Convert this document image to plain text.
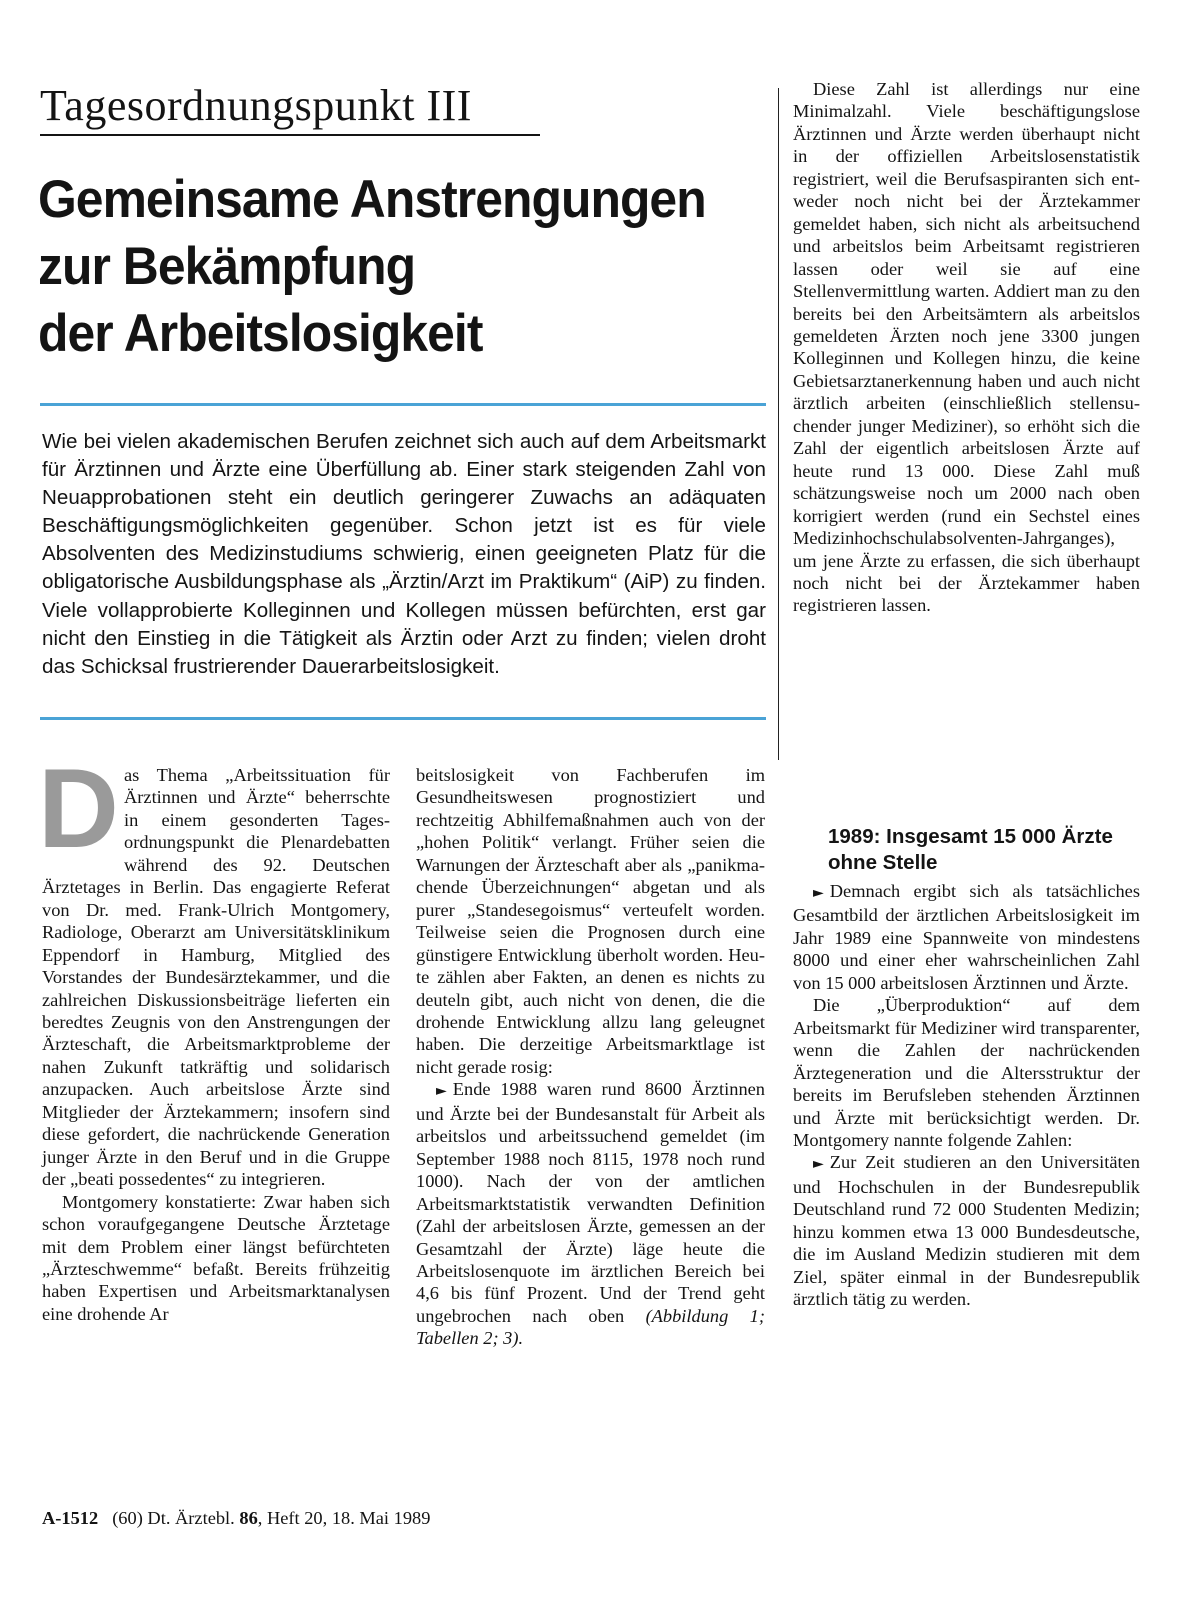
Tagesordnungspunkt III
Gemeinsame Anstrengungen
zur Bekämpfung
der Arbeitslosigkeit
Wie bei vielen akademischen Berufen zeichnet sich auch auf dem Arbeitsmarkt für Ärztinnen und Ärzte eine Überfüllung ab. Einer stark steigenden Zahl von Neuapprobationen steht ein deutlich geringerer Zuwachs an adäquaten Beschäftigungsmöglichkeiten gegenüber. Schon jetzt ist es für viele Absolventen des Medizinstudiums schwierig, einen geeigneten Platz für die obligatorische Ausbildungsphase als „Ärztin/Arzt im Praktikum“ (AiP) zu finden. Viele vollapprobierte Kolleginnen und Kollegen müssen befürchten, erst gar nicht den Einstieg in die Tätigkeit als Ärztin oder Arzt zu finden; vielen droht das Schicksal frustrierender Dauerarbeitslosigkeit.

Das Thema „Arbeitssituation für Ärztinnen und Ärzte“ beherrschte in einem gesonderten Tagesordnungspunkt die Plenardebatten während des 92. Deutschen Ärztetages in Berlin. Das engagierte Referat von Dr. med. Frank-Ulrich Montgomery, Radiologe, Oberarzt am Universitätsklinikum Eppendorf in Hamburg, Mitglied des Vorstandes der Bundesärztekammer, und die zahlreichen Diskussionsbeiträge lieferten ein beredtes Zeugnis von den Anstrengungen der Ärzteschaft, die Arbeitsmarktprobleme der nahen Zukunft tatkräftig und solidarisch anzupacken. Auch arbeitslose Ärzte sind Mitglieder der Ärztekammern; insofern sind diese gefordert, die nachrückende Generation junger Ärzte in den Beruf und in die Gruppe der „beati possedentes“ zu integrieren.

Montgomery konstatierte: Zwar haben sich schon voraufgegangene Deutsche Ärztetage mit dem Problem einer längst befürchteten „Ärzteschwemme“ befaßt. Bereits frühzeitig haben Expertisen und Arbeitsmarktanalysen eine drohende Ar

beitslosigkeit von Fachberufen im Gesundheitswesen prognostiziert und rechtzeitig Abhilfemaßnahmen auch von der „hohen Politik“ verlangt. Früher seien die Warnungen der Ärzteschaft aber als „panikmachende Überzeichnungen“ abgetan und als purer „Standesegoismus“ verteufelt worden. Teilweise seien die Prognosen durch eine günstigere Entwicklung überholt worden. Heute zählen aber Fakten, an denen es nichts zu deuteln gibt, auch nicht von denen, die die drohende Entwicklung allzu lang geleugnet haben. Die derzeitige Arbeitsmarktlage ist nicht gerade rosig:

► Ende 1988 waren rund 8600 Ärztinnen und Ärzte bei der Bundesanstalt für Arbeit als arbeitslos und arbeitssuchend gemeldet (im September 1988 noch 8115, 1978 noch rund 1000). Nach der von der amtlichen Arbeitsmarktstatistik verwandten Definition (Zahl der arbeitslosen Ärzte, gemessen an der Gesamtzahl der Ärzte) läge heute die Arbeitslosenquote im ärztlichen Bereich bei 4,6 bis fünf Prozent. Und der Trend geht ungebrochen nach oben (Abbildung 1; Tabellen 2; 3).

Diese Zahl ist allerdings nur eine Minimalzahl. Viele beschäftigungslose Ärztinnen und Ärzte werden überhaupt nicht in der offiziellen Arbeitslosenstatistik registriert, weil die Berufsaspiranten sich entweder noch nicht bei der Ärztekammer gemeldet haben, sich nicht als arbeitsuchend und arbeitslos beim Arbeitsamt registrieren lassen oder weil sie auf eine Stellenvermittlung warten. Addiert man zu den bereits bei den Arbeitsämtern als arbeitslos gemeldeten Ärzten noch jene 3300 jungen Kolleginnen und Kollegen hinzu, die keine Gebietsarztanerkennung haben und auch nicht ärztlich arbeiten (einschließlich stellensuchender junger Mediziner), so erhöht sich die Zahl der eigentlich arbeitslosen Ärzte auf heute rund 13 000. Diese Zahl muß schätzungsweise noch um 2000 nach oben korrigiert werden (rund ein Sechstel eines Medizinhochschulabsolventen-Jahrganges), um jene Ärzte zu erfassen, die sich überhaupt noch nicht bei der Ärztekammer haben registrieren lassen.

1989: Insgesamt 15 000 Ärzte ohne Stelle

► Demnach ergibt sich als tatsächliches Gesamtbild der ärztlichen Arbeitslosigkeit im Jahr 1989 eine Spannweite von mindestens 8000 und einer eher wahrscheinlichen Zahl von 15 000 arbeitslosen Ärztinnen und Ärzte.

Die „Überproduktion“ auf dem Arbeitsmarkt für Mediziner wird transparenter, wenn die Zahlen der nachrückenden Ärztegeneration und die Altersstruktur der bereits im Berufsleben stehenden Ärztinnen und Ärzte mit berücksichtigt werden. Dr. Montgomery nannte folgende Zahlen:

► Zur Zeit studieren an den Universitäten und Hochschulen in der Bundesrepublik Deutschland rund 72 000 Studenten Medizin; hinzu kommen etwa 13 000 Bundesdeutsche, die im Ausland Medizin studieren mit dem Ziel, später einmal in der Bundesrepublik ärztlich tätig zu werden.

A-1512 (60) Dt. Ärztebl. 86, Heft 20, 18. Mai 1989
